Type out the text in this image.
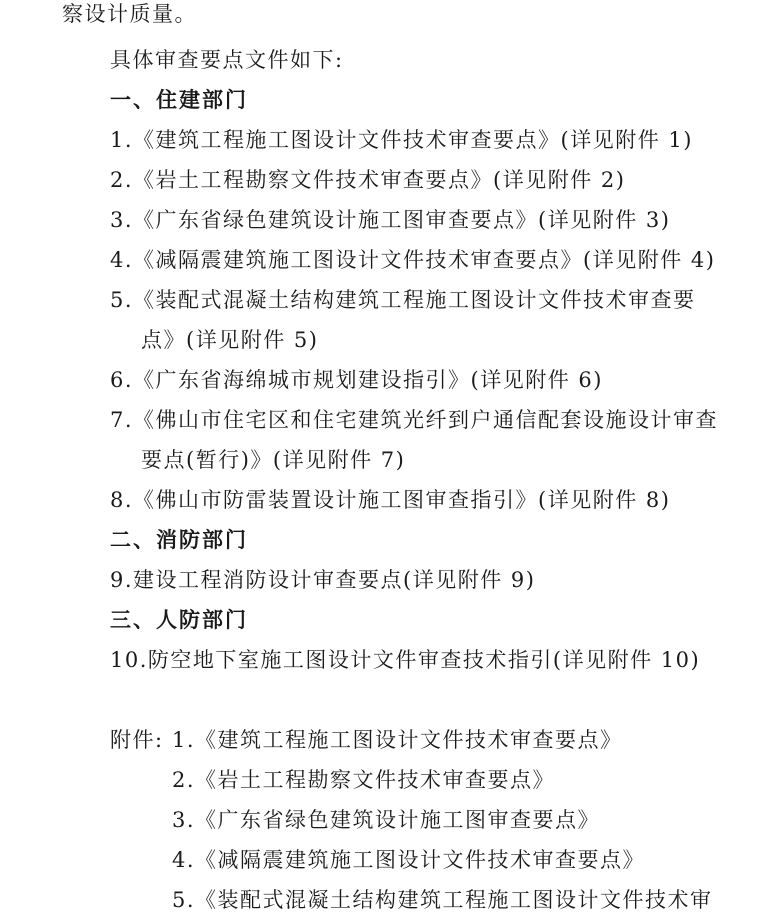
察设计质量。
具体审查要点文件如下:
一、住建部门
1.《建筑工程施工图设计文件技术审查要点》(详见附件 1)
2.《岩土工程勘察文件技术审查要点》(详见附件 2)
3.《广东省绿色建筑设计施工图审查要点》(详见附件 3)
4.《减隔震建筑施工图设计文件技术审查要点》(详见附件 4)
5.《装配式混凝土结构建筑工程施工图设计文件技术审查要
点》(详见附件 5)
6.《广东省海绵城市规划建设指引》(详见附件 6)
7.《佛山市住宅区和住宅建筑光纤到户通信配套设施设计审查
要点(暂行)》(详见附件 7)
8.《佛山市防雷装置设计施工图审查指引》(详见附件 8)
二、消防部门
9.建设工程消防设计审查要点(详见附件 9)
三、人防部门
10.防空地下室施工图设计文件审查技术指引(详见附件 10)
附件: 1.《建筑工程施工图设计文件技术审查要点》
2.《岩土工程勘察文件技术审查要点》
3.《广东省绿色建筑设计施工图审查要点》
4.《减隔震建筑施工图设计文件技术审查要点》
5.《装配式混凝土结构建筑工程施工图设计文件技术审
